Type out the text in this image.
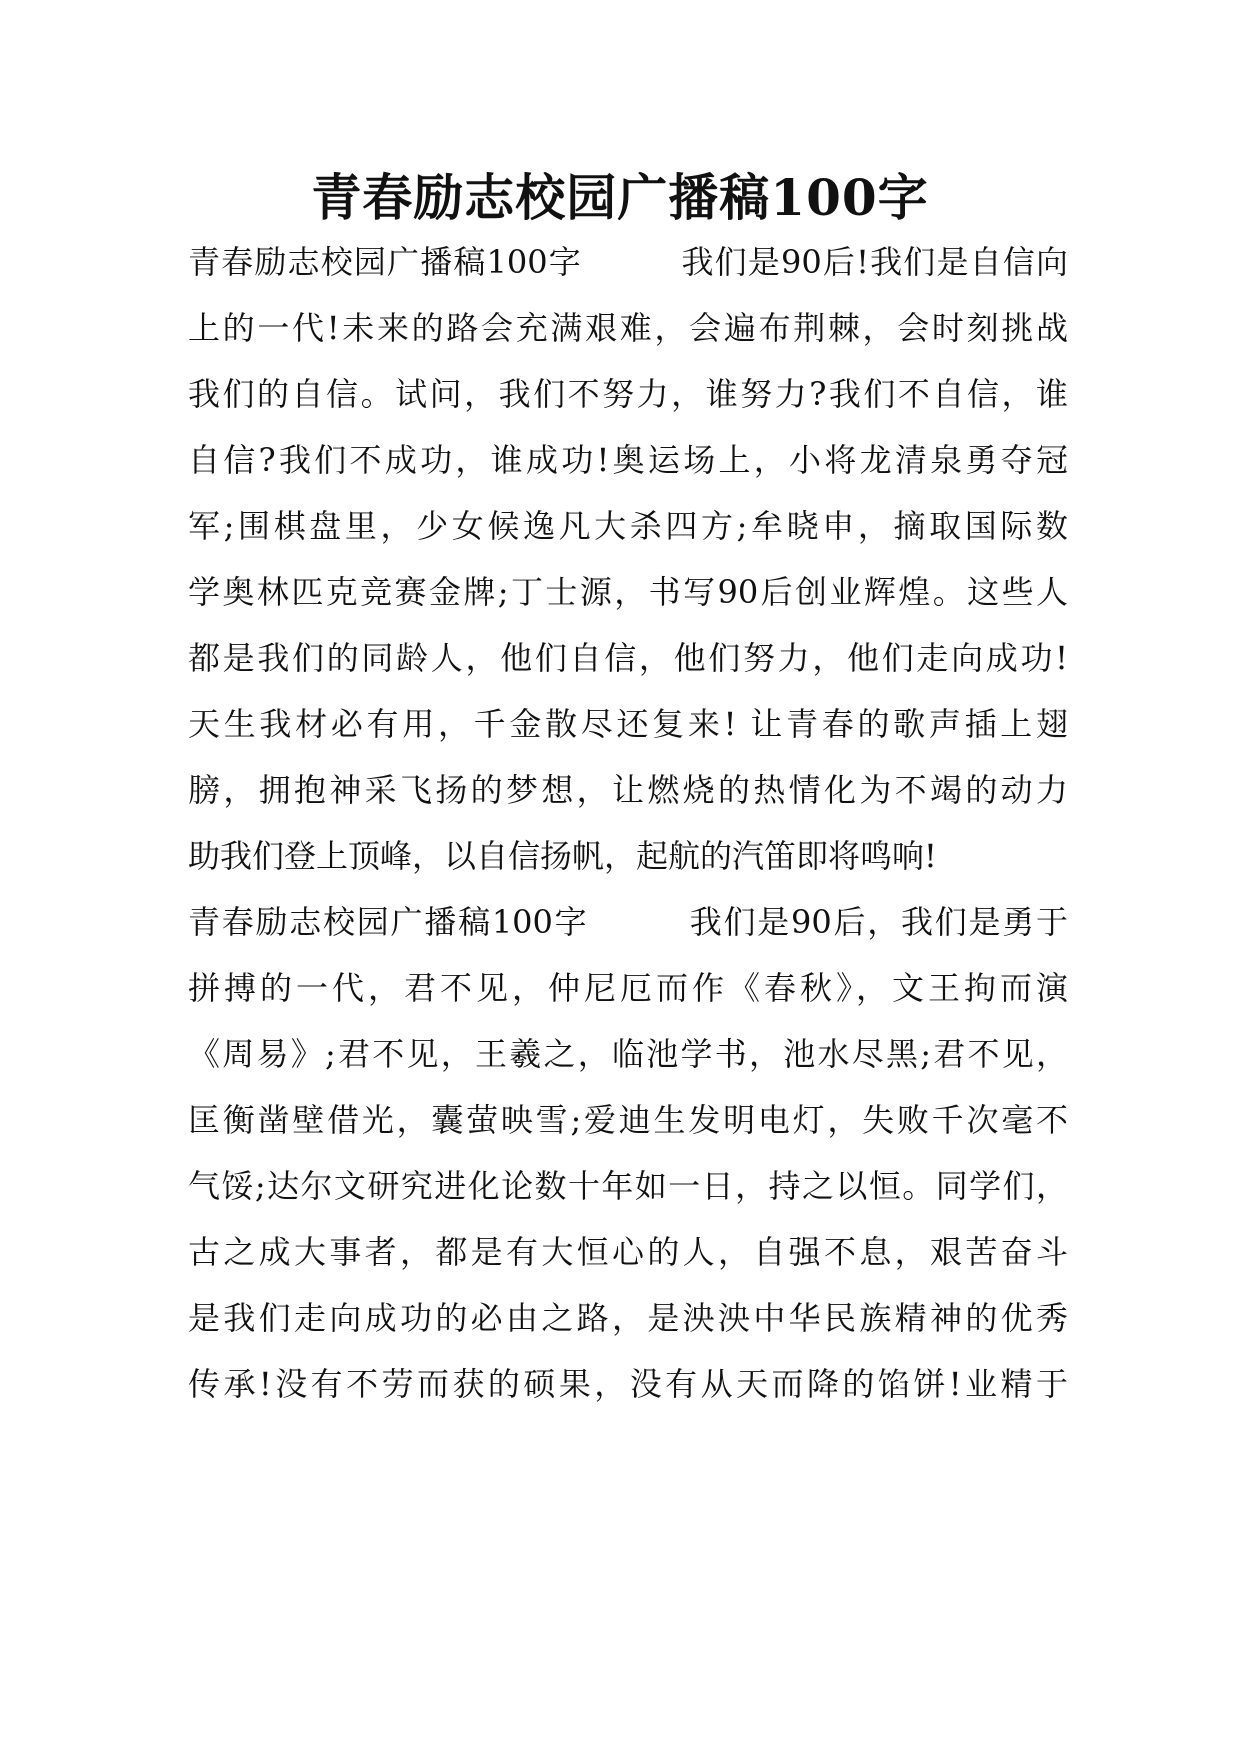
青春励志校园广播稿100字
青春励志校园广播稿100字　　　我们是90后!我们是自信向
上的一代!未来的路会充满艰难，会遍布荆棘，会时刻挑战
我们的自信。试问，我们不努力，谁努力?我们不自信，谁
自信?我们不成功，谁成功!奥运场上，小将龙清泉勇夺冠
军;围棋盘里，少女候逸凡大杀四方;牟晓申，摘取国际数
学奥林匹克竞赛金牌;丁士源，书写90后创业辉煌。这些人
都是我们的同龄人，他们自信，他们努力，他们走向成功!
天生我材必有用，千金散尽还复来! 让青春的歌声插上翅
膀，拥抱神采飞扬的梦想，让燃烧的热情化为不竭的动力
助我们登上顶峰，以自信扬帆，起航的汽笛即将鸣响!
青春励志校园广播稿100字　　　我们是90后，我们是勇于
拼搏的一代，君不见，仲尼厄而作《春秋》，文王拘而演
《周易》;君不见，王羲之，临池学书，池水尽黑;君不见，
匡衡凿壁借光，囊萤映雪;爱迪生发明电灯，失败千次毫不
气馁;达尔文研究进化论数十年如一日，持之以恒。同学们，
古之成大事者，都是有大恒心的人，自强不息，艰苦奋斗
是我们走向成功的必由之路，是泱泱中华民族精神的优秀
传承!没有不劳而获的硕果，没有从天而降的馅饼!业精于
